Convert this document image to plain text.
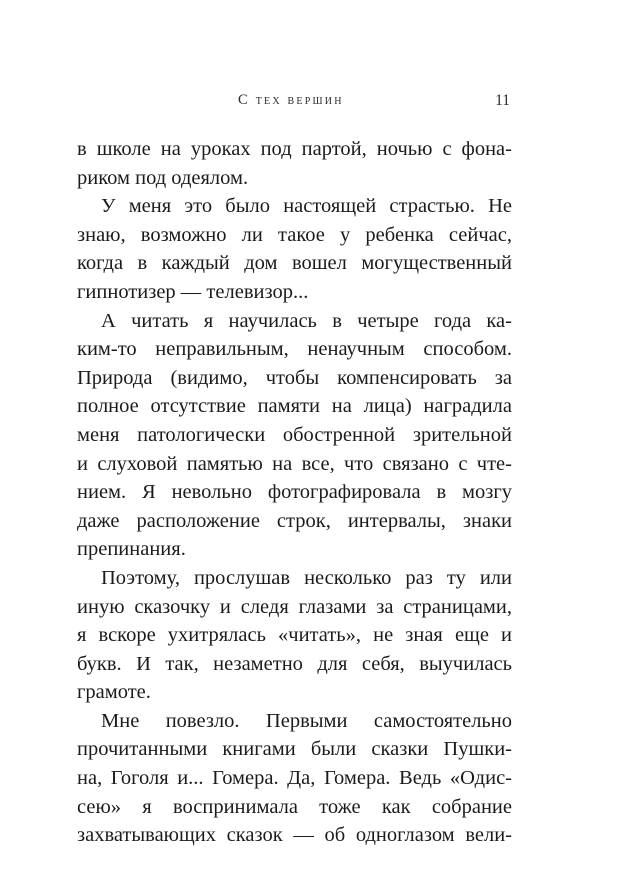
С тех вершин	11
в школе на уроках под партой, ночью с фона-
риком под одеялом.
У меня это было настоящей страстью. Не
знаю, возможно ли такое у ребенка сейчас,
когда в каждый дом вошел могущественный
гипнотизер — телевизор...
А читать я научилась в четыре года ка-
ким-то неправильным, ненаучным способом.
Природа (видимо, чтобы компенсировать за
полное отсутствие памяти на лица) наградила
меня патологически обостренной зрительной
и слуховой памятью на все, что связано с чте-
нием. Я невольно фотографировала в мозгу
даже расположение строк, интервалы, знаки
препинания.
Поэтому, прослушав несколько раз ту или
иную сказочку и следя глазами за страницами,
я вскоре ухитрялась «читать», не зная еще и
букв. И так, незаметно для себя, выучилась
грамоте.
Мне повезло. Первыми самостоятельно
прочитанными книгами были сказки Пушки-
на, Гоголя и... Гомера. Да, Гомера. Ведь «Одис-
сею» я воспринимала тоже как собрание
захватывающих сказок — об одноглазом вели-
